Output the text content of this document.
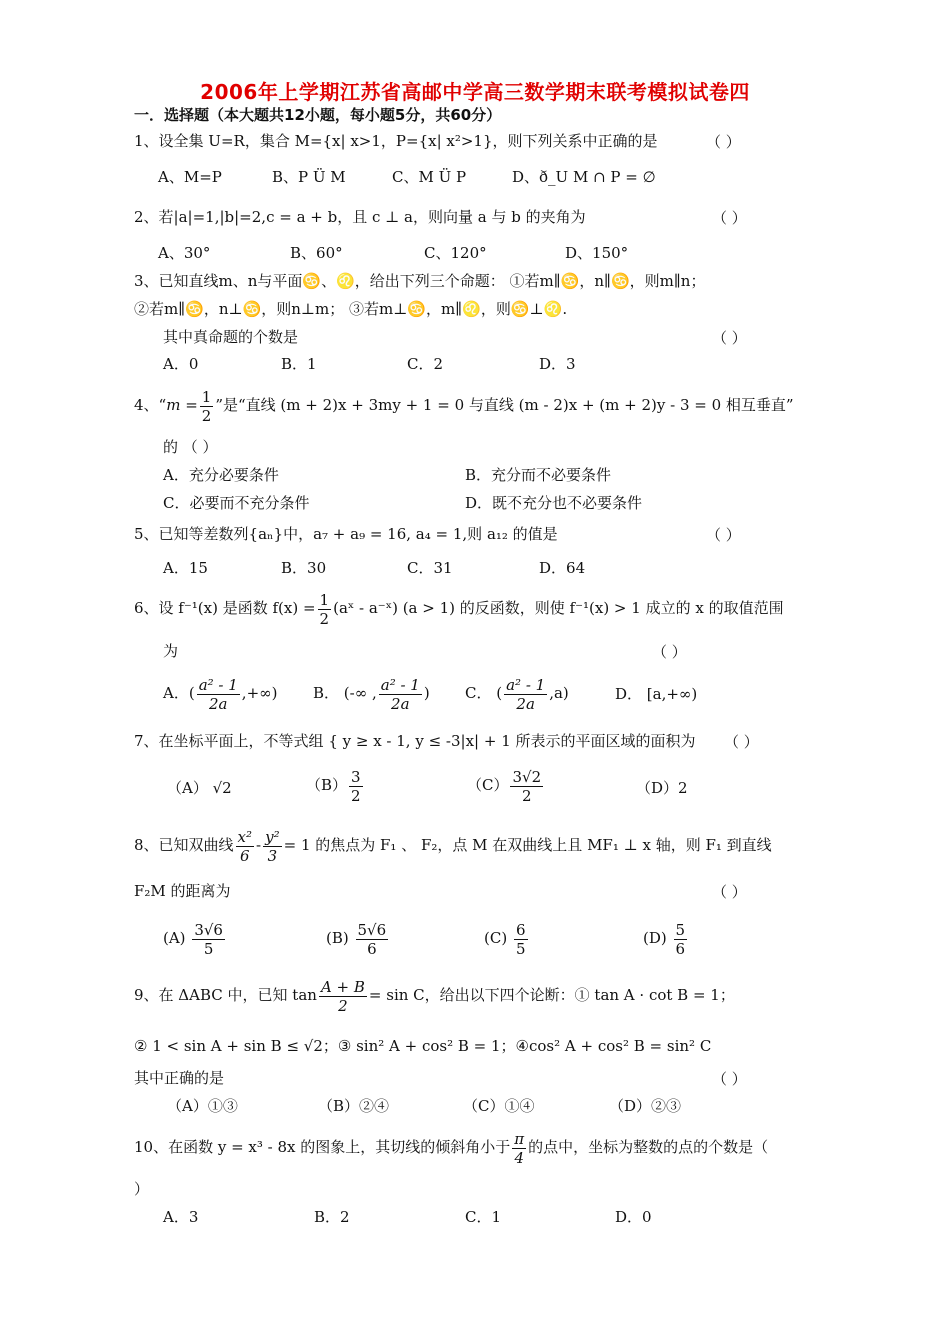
2006年上学期江苏省高邮中学高三数学期末联考模拟试卷四
一．选择题（本大题共12小题，每小题5分，共60分）
1、设全集 U=R，集合 M={x| x>1，P={x| x²>1}，则下列关系中正确的是	（ ）
A、M=P	B、P Ü M	C、M Ü P	D、ð_U M ∩ P = ∅
2、若|a|=1,|b|=2,c = a + b，且 c ⊥ a，则向量 a 与 b 的夹角为	（ ）
A、30°	B、60°	C、120°	D、150°
3、已知直线m、n与平面♋、♌，给出下列三个命题： ①若m∥♋，n∥♋，则m∥n；
②若m∥♋，n⊥♋，则n⊥m； ③若m⊥♋，m∥♌，则♋⊥♌.
其中真命题的个数是	（ ）
A．0	B．1	C．2	D．3
4、“$m = \frac{1}{2}$ ”是“直线 (m + 2)x + 3my + 1 = 0 与直线 (m - 2)x + (m + 2)y - 3 = 0 相互垂直”
的 （ ）
A．充分必要条件	B．充分而不必要条件
C．必要而不充分条件	D．既不充分也不必要条件
5、已知等差数列{aₙ}中，a₇ + a₉ = 16, a₄ = 1,则 a₁₂ 的值是	（ ）
A．15	B．30	C．31	D．64
6、设 f⁻¹(x) 是函数 $f(x) = \frac{1}{2}$ (aˣ - a⁻ˣ) (a > 1) 的反函数，则使 f⁻¹(x) > 1 成立的 x 的取值范围
为	（ ）
A．( $\frac{\text{a² - 1}}{2a}$ ,+∞) B． (-∞ , $\frac{\text{a² - 1}}{2a}$ ) C． ( $\frac{\text{a² - 1}}{2a} ,a$)	D． [a,+∞)
7、在坐标平面上，不等式组 { y ≥ x - 1, y ≤ -3|x| + 1 所表示的平面区域的面积为 （ ）
（A） √2	$(B) \frac{3}{2}$	$(C) \frac{3√2}{2}$	（D）2
8、已知双曲线 $\frac{\text{x²}}{6} - \frac{\text{y²}}{3} = 1$ 的焦点为 F₁ 、 F₂，点 M 在双曲线上且 MF₁ ⊥ x 轴，则 F₁ 到直线
F₂M 的距离为	（ ）
$(A) \frac{3√6}{5}$	$(B) \frac{5√6}{6}$	$(C) \frac{6}{5}$	$(D) \frac{5}{6}$
9、在 ΔABC 中，已知 $\tan \frac{A + B}{2} = \sin C$，给出以下四个论断：① tan A · cot B = 1；
② 1 < sin A + sin B ≤ √2；③ sin² A + cos² B = 1；④cos² A + cos² B = sin² C
其中正确的是	（ ）
（A）①③	（B）②④	（C）①④	（D）②③
10、在函数 y = x³ - 8x 的图象上，其切线的倾斜角小于 $\frac{\pi}{4}$ 的点中，坐标为整数的点的个数是（
）
A．3	B．2	C．1	D．0
